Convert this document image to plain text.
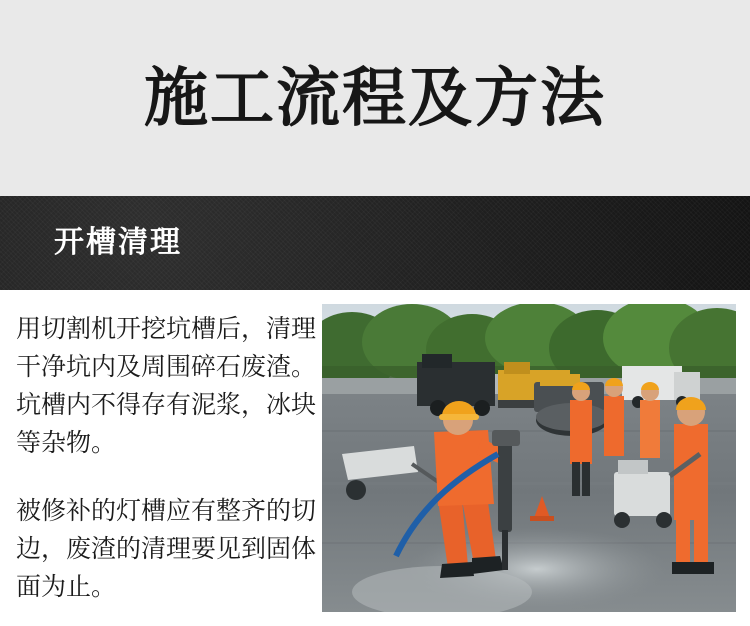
施工流程及方法
开槽清理

用切割机开挖坑槽后，清理干净坑内及周围碎石废渣。坑槽内不得存有泥浆，冰块等杂物。

被修补的灯槽应有整齐的切边，废渣的清理要见到固体面为止。
